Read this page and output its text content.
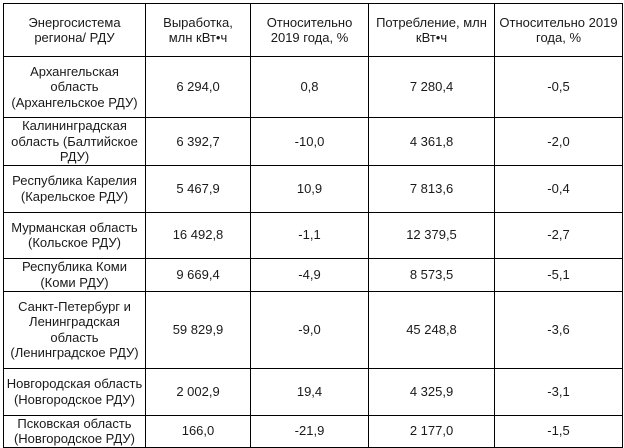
Энергосистема региона/ РДУ	Выработка, млн кВт•ч	Относительно 2019 года, %	Потребление, млн кВт•ч	Относительно 2019 года, %
Архангельская область (Архангельское РДУ)	6 294,0	0,8	7 280,4	-0,5
Калининградская область (Балтийское РДУ)	6 392,7	-10,0	4 361,8	-2,0
Республика Карелия (Карельское РДУ)	5 467,9	10,9	7 813,6	-0,4
Мурманская область (Кольское РДУ)	16 492,8	-1,1	12 379,5	-2,7
Республика Коми (Коми РДУ)	9 669,4	-4,9	8 573,5	-5,1
Санкт-Петербург и Ленинградская область (Ленинградское РДУ)	59 829,9	-9,0	45 248,8	-3,6
Новгородская область (Новгородское РДУ)	2 002,9	19,4	4 325,9	-3,1
Псковская область (Новгородское РДУ)	166,0	-21,9	2 177,0	-1,5
